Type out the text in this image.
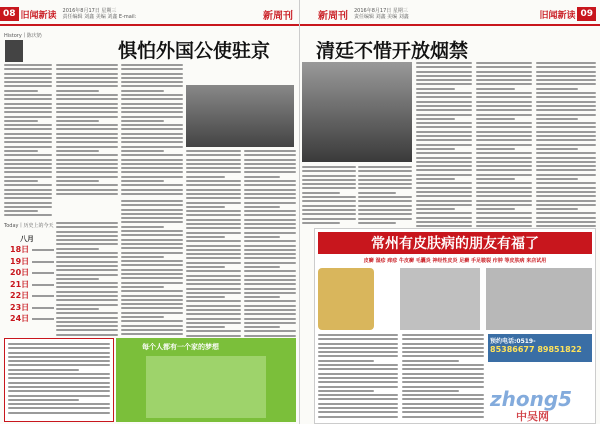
08 旧闻新读 2016年8月17日 星期三
责任编辑 刘鑫 美编 刘鑫 E-mail:	新周刊
History丨陈庆奶
惧怕外国公使驻京
Today丨历史上的今天
八月
18日
19日
20日
21日
22日
23日
24日
每个人都有一个家的梦想
新周刊 2016年8月17日 星期三
责任编辑 刘鑫 美编 刘鑫	旧闻新读 09
清廷不惜开放烟禁
常州有皮肤病的朋友有福了
皮癣 湿疹 痒疹 牛皮癣 毛囊炎 神经性皮炎 足癣 手足皲裂 疖肿 等皮肤病 来店试用
预约电话:0519-
85386677 89851822
zhong5
中吴网
